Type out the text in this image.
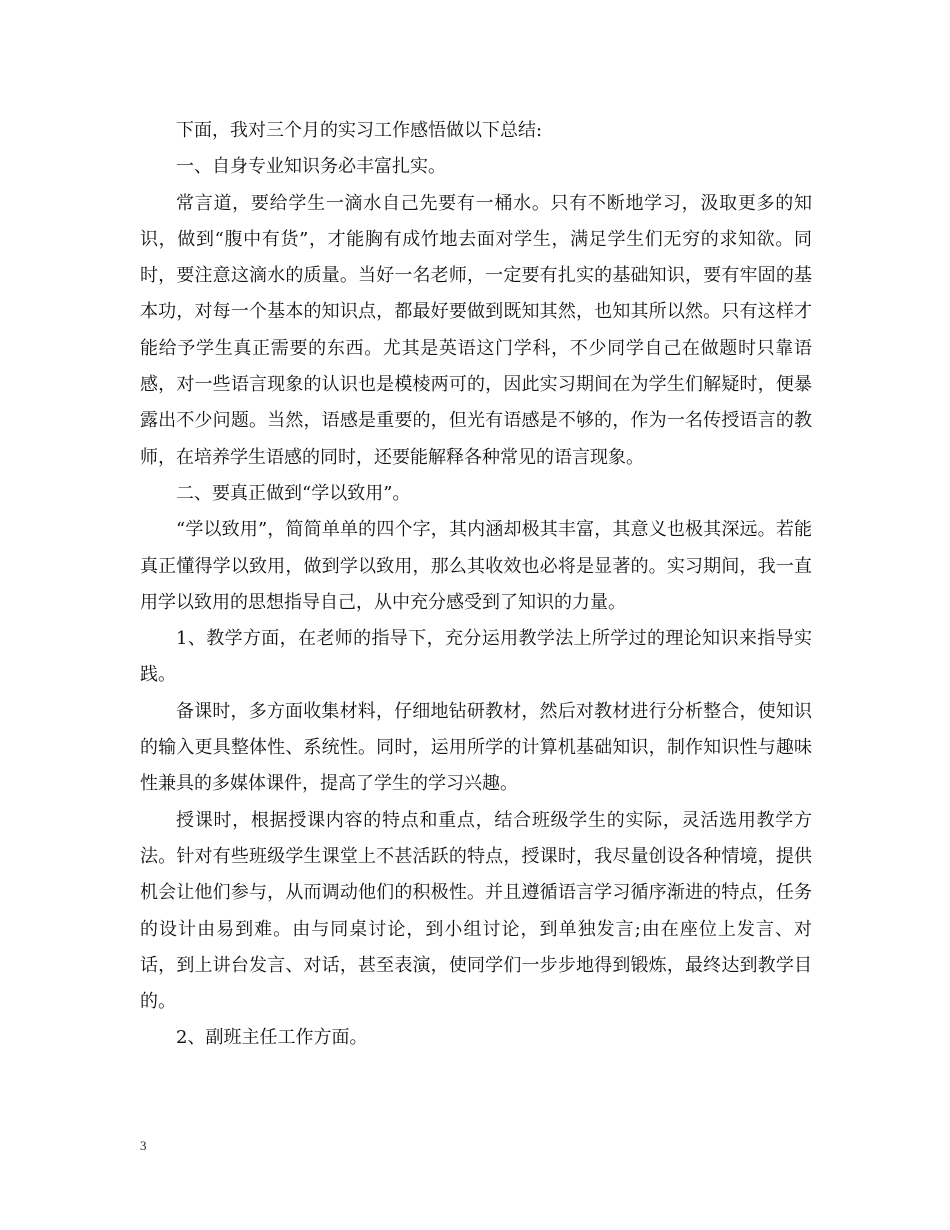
下面，我对三个月的实习工作感悟做以下总结:

一、自身专业知识务必丰富扎实。

常言道，要给学生一滴水自己先要有一桶水。只有不断地学习，汲取更多的知识，做到“腹中有货”，才能胸有成竹地去面对学生，满足学生们无穷的求知欲。同时，要注意这滴水的质量。当好一名老师，一定要有扎实的基础知识，要有牢固的基本功，对每一个基本的知识点，都最好要做到既知其然，也知其所以然。只有这样才能给予学生真正需要的东西。尤其是英语这门学科，不少同学自己在做题时只靠语感，对一些语言现象的认识也是模棱两可的，因此实习期间在为学生们解疑时，便暴露出不少问题。当然，语感是重要的，但光有语感是不够的，作为一名传授语言的教师，在培养学生语感的同时，还要能解释各种常见的语言现象。

二、要真正做到“学以致用”。

“学以致用”，简简单单的四个字，其内涵却极其丰富，其意义也极其深远。若能真正懂得学以致用，做到学以致用，那么其收效也必将是显著的。实习期间，我一直用学以致用的思想指导自己，从中充分感受到了知识的力量。

1、教学方面，在老师的指导下，充分运用教学法上所学过的理论知识来指导实践。

备课时，多方面收集材料，仔细地钻研教材，然后对教材进行分析整合，使知识的输入更具整体性、系统性。同时，运用所学的计算机基础知识，制作知识性与趣味性兼具的多媒体课件，提高了学生的学习兴趣。

授课时，根据授课内容的特点和重点，结合班级学生的实际，灵活选用教学方法。针对有些班级学生课堂上不甚活跃的特点，授课时，我尽量创设各种情境，提供机会让他们参与，从而调动他们的积极性。并且遵循语言学习循序渐进的特点，任务的设计由易到难。由与同桌讨论，到小组讨论，到单独发言;由在座位上发言、对话，到上讲台发言、对话，甚至表演，使同学们一步步地得到锻炼，最终达到教学目的。

2、副班主任工作方面。

3
